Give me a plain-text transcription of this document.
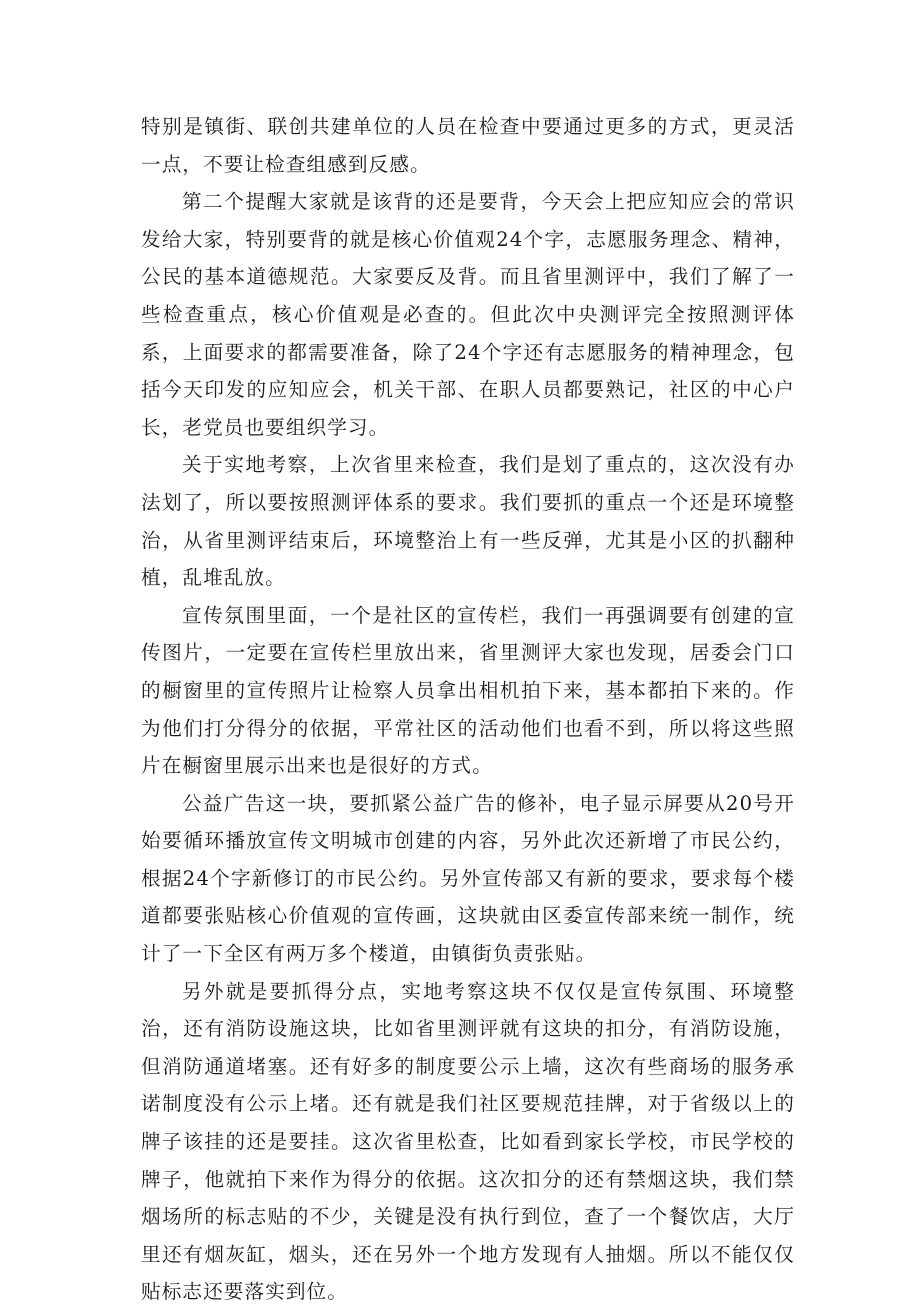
特别是镇街、联创共建单位的人员在检查中要通过更多的方式，更灵活一点，不要让检查组感到反感。

第二个提醒大家就是该背的还是要背，今天会上把应知应会的常识发给大家，特别要背的就是核心价值观24个字，志愿服务理念、精神，公民的基本道德规范。大家要反及背。而且省里测评中，我们了解了一些检查重点，核心价值观是必查的。但此次中央测评完全按照测评体系，上面要求的都需要准备，除了24个字还有志愿服务的精神理念，包括今天印发的应知应会，机关干部、在职人员都要熟记，社区的中心户长，老党员也要组织学习。

关于实地考察，上次省里来检查，我们是划了重点的，这次没有办法划了，所以要按照测评体系的要求。我们要抓的重点一个还是环境整治，从省里测评结束后，环境整治上有一些反弹，尤其是小区的扒翻种植，乱堆乱放。

宣传氛围里面，一个是社区的宣传栏，我们一再强调要有创建的宣传图片，一定要在宣传栏里放出来，省里测评大家也发现，居委会门口的橱窗里的宣传照片让检察人员拿出相机拍下来，基本都拍下来的。作为他们打分得分的依据，平常社区的活动他们也看不到，所以将这些照片在橱窗里展示出来也是很好的方式。

公益广告这一块，要抓紧公益广告的修补，电子显示屏要从20号开始要循环播放宣传文明城市创建的内容，另外此次还新增了市民公约，根据24个字新修订的市民公约。另外宣传部又有新的要求，要求每个楼道都要张贴核心价值观的宣传画，这块就由区委宣传部来统一制作，统计了一下全区有两万多个楼道，由镇街负责张贴。

另外就是要抓得分点，实地考察这块不仅仅是宣传氛围、环境整治，还有消防设施这块，比如省里测评就有这块的扣分，有消防设施，但消防通道堵塞。还有好多的制度要公示上墙，这次有些商场的服务承诺制度没有公示上堵。还有就是我们社区要规范挂牌，对于省级以上的牌子该挂的还是要挂。这次省里松查，比如看到家长学校，市民学校的牌子，他就拍下来作为得分的依据。这次扣分的还有禁烟这块，我们禁烟场所的标志贴的不少，关键是没有执行到位，查了一个餐饮店，大厅里还有烟灰缸，烟头，还在另外一个地方发现有人抽烟。所以不能仅仅贴标志还要落实到位。
